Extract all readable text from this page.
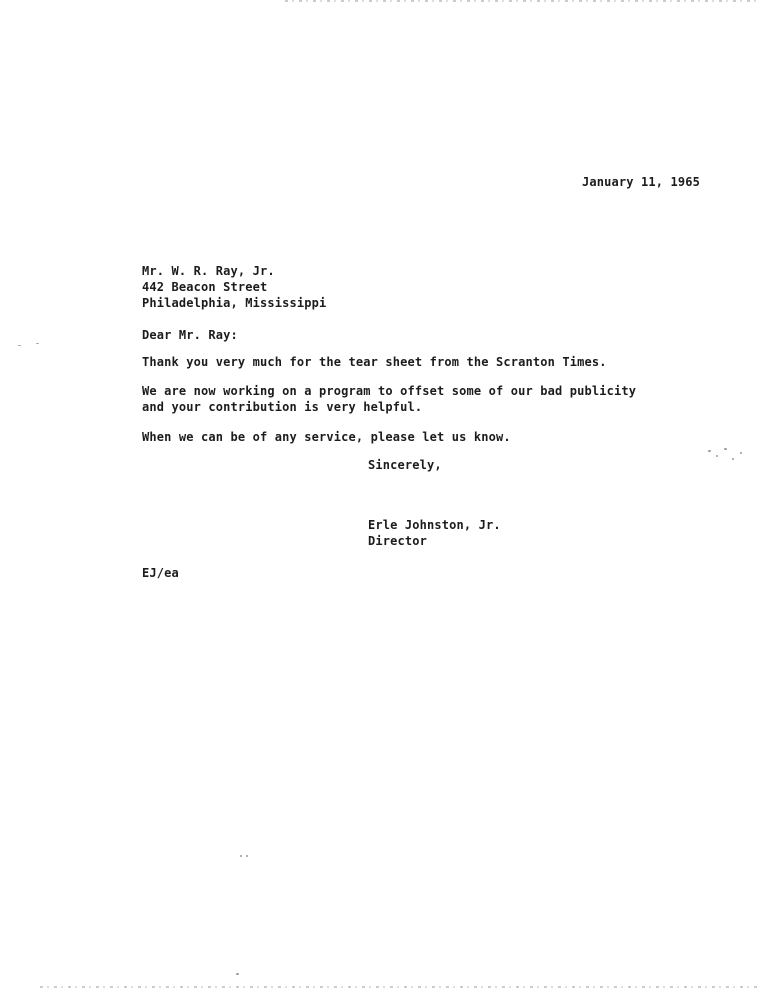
January 11, 1965
Mr. W. R. Ray, Jr.
442 Beacon Street
Philadelphia, Mississippi
Dear Mr. Ray:
Thank you very much for the tear sheet from the Scranton Times.
We are now working on a program to offset some of our bad publicity
and your contribution is very helpful.
When we can be of any service, please let us know.
Sincerely,
Erle Johnston, Jr.
Director
EJ/ea
